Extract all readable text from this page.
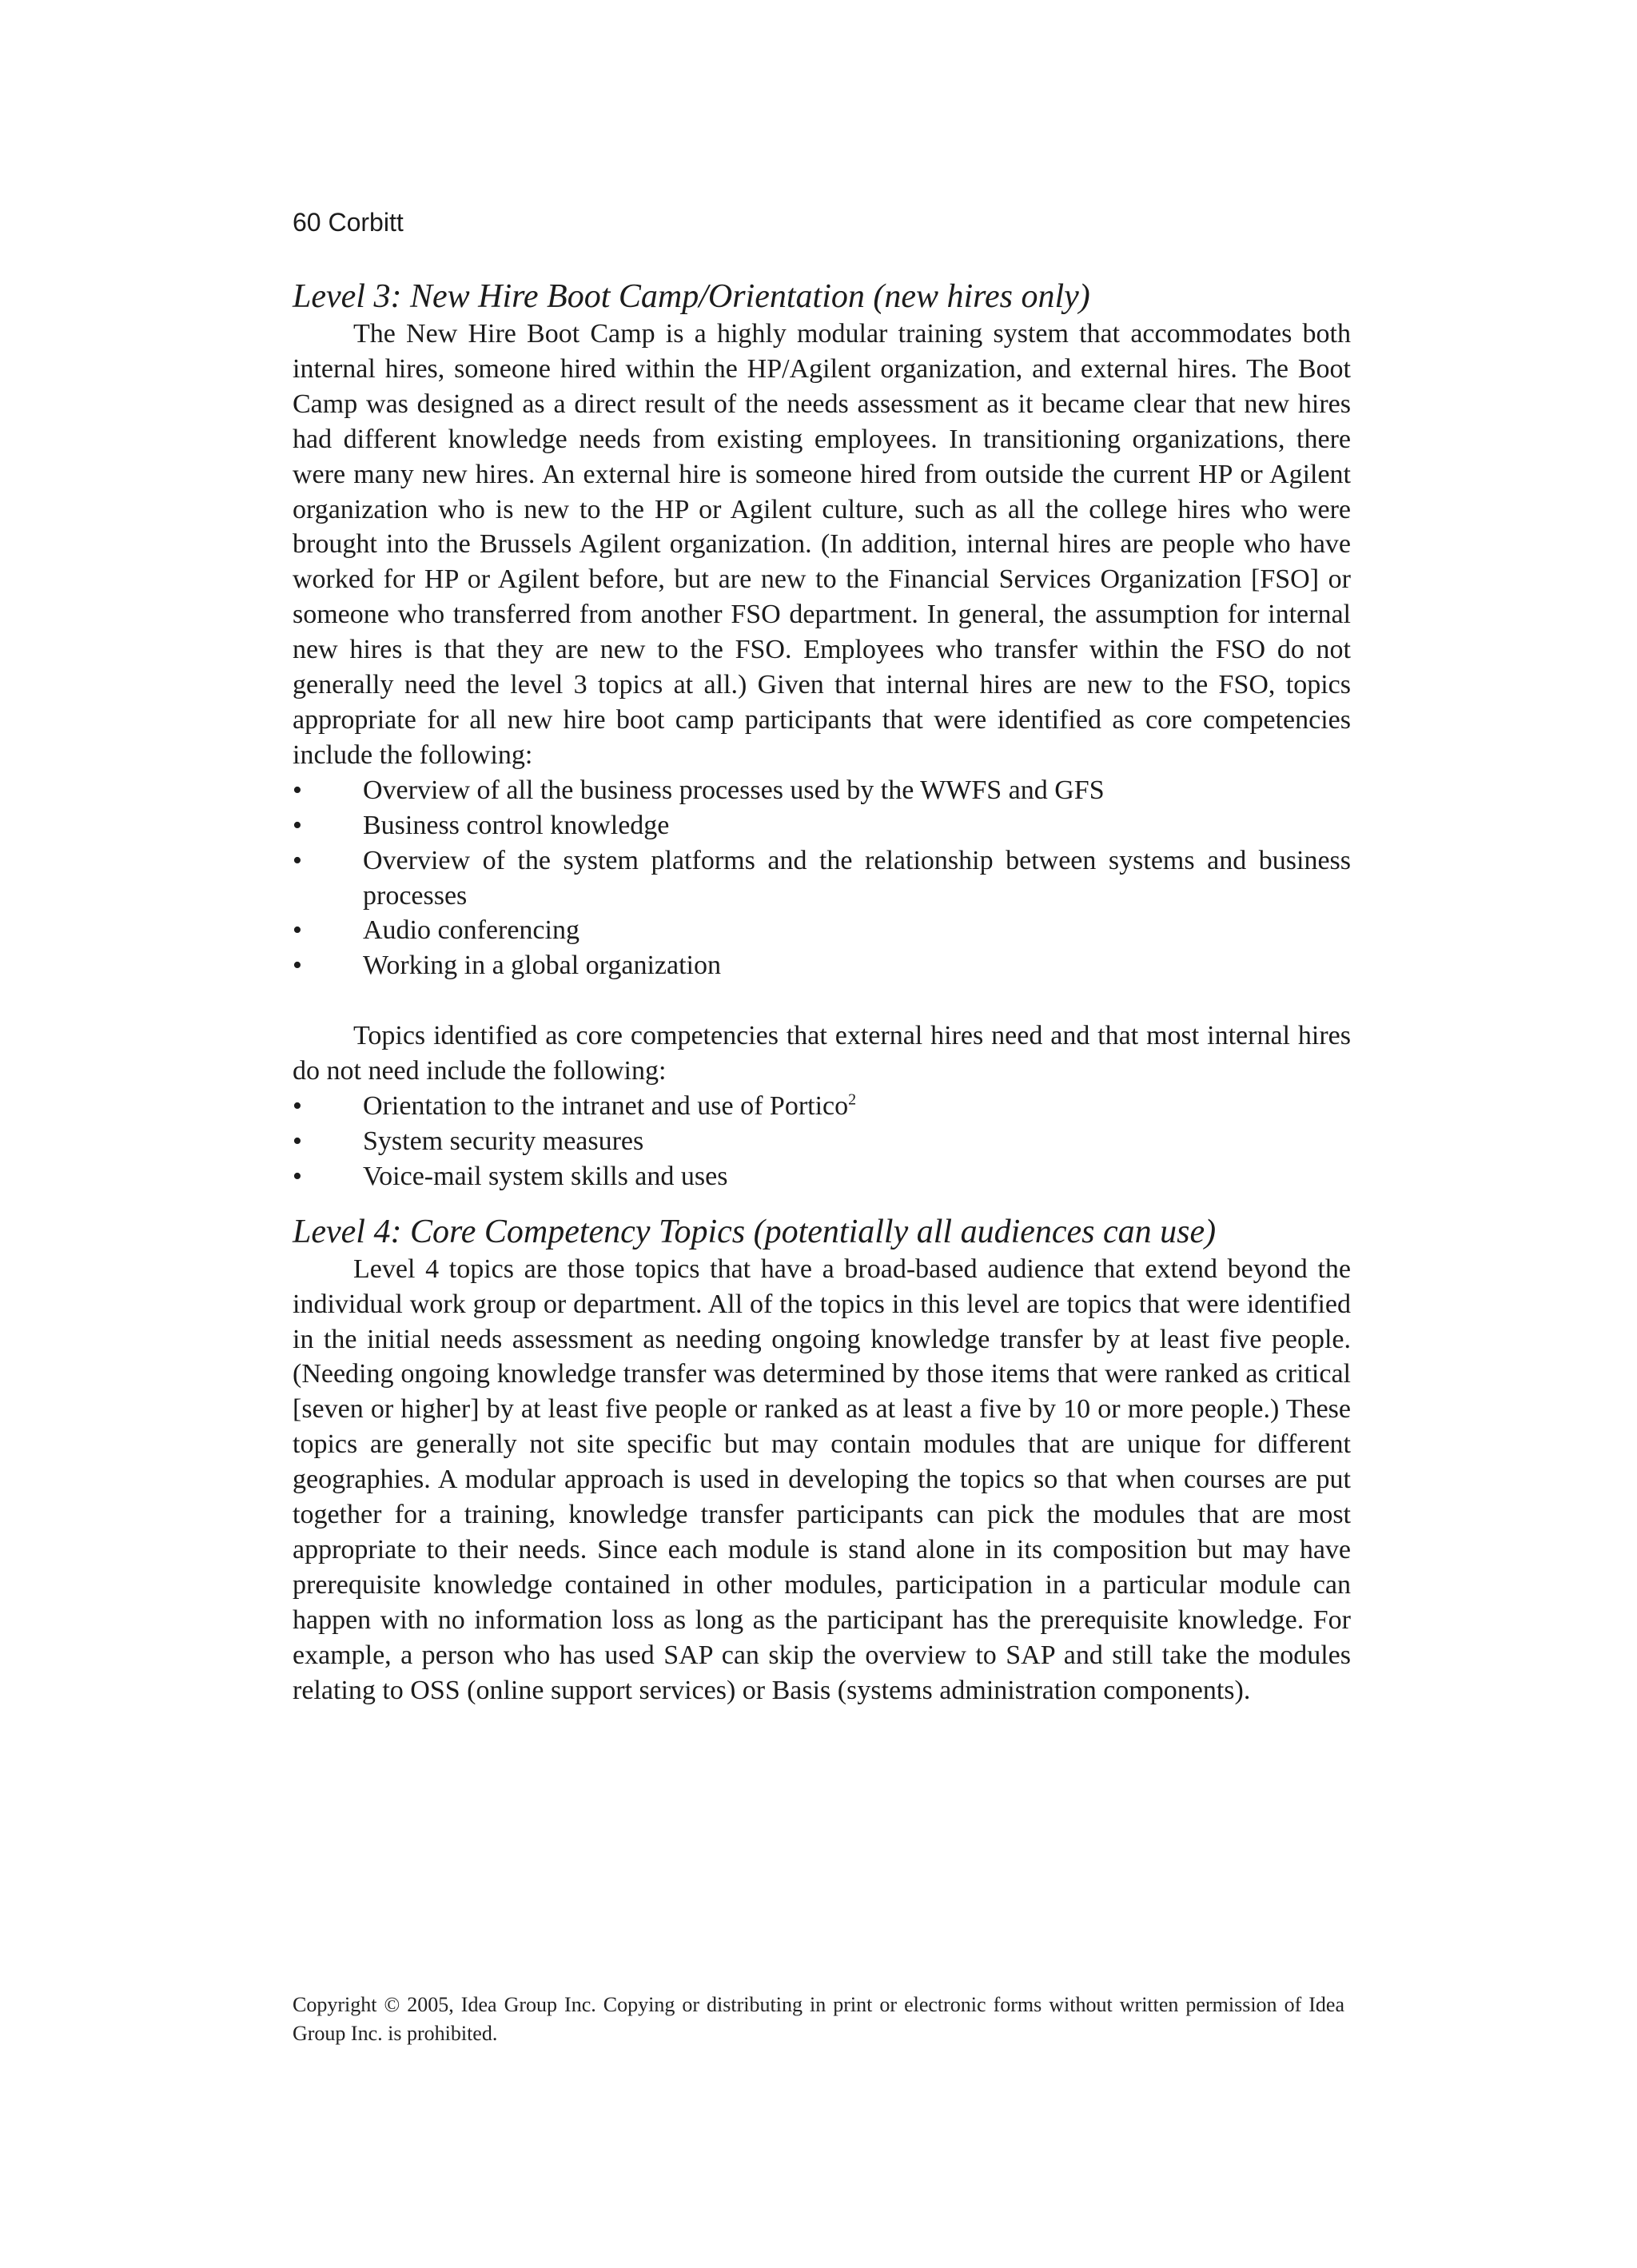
60 Corbitt
Level 3: New Hire Boot Camp/Orientation (new hires only)

The New Hire Boot Camp is a highly modular training system that accommodates both internal hires, someone hired within the HP/Agilent organization, and external hires. The Boot Camp was designed as a direct result of the needs assessment as it became clear that new hires had different knowledge needs from existing employees. In transitioning organizations, there were many new hires. An external hire is someone hired from outside the current HP or Agilent organization who is new to the HP or Agilent culture, such as all the college hires who were brought into the Brussels Agilent organization. (In addition, internal hires are people who have worked for HP or Agilent before, but are new to the Financial Services Organization [FSO] or someone who transferred from another FSO department. In general, the assumption for internal new hires is that they are new to the FSO. Employees who transfer within the FSO do not generally need the level 3 topics at all.) Given that internal hires are new to the FSO, topics appropriate for all new hire boot camp participants that were identified as core competencies include the following:

• Overview of all the business processes used by the WWFS and GFS
• Business control knowledge
• Overview of the system platforms and the relationship between systems and business processes
• Audio conferencing
• Working in a global organization

Topics identified as core competencies that external hires need and that most internal hires do not need include the following:

• Orientation to the intranet and use of Portico$^2$
• System security measures
• Voice-mail system skills and uses
Level 4: Core Competency Topics (potentially all audiences can use)

Level 4 topics are those topics that have a broad-based audience that extend beyond the individual work group or department. All of the topics in this level are topics that were identified in the initial needs assessment as needing ongoing knowledge transfer by at least five people. (Needing ongoing knowledge transfer was determined by those items that were ranked as critical [seven or higher] by at least five people or ranked as at least a five by 10 or more people.) These topics are generally not site specific but may contain modules that are unique for different geographies. A modular approach is used in developing the topics so that when courses are put together for a training, knowledge transfer participants can pick the modules that are most appropriate to their needs. Since each module is stand alone in its composition but may have prerequisite knowledge contained in other modules, participation in a particular module can happen with no information loss as long as the participant has the prerequisite knowledge. For example, a person who has used SAP can skip the overview to SAP and still take the modules relating to OSS (online support services) or Basis (systems administration components).

Copyright © 2005, Idea Group Inc. Copying or distributing in print or electronic forms without written permission of Idea Group Inc. is prohibited.
